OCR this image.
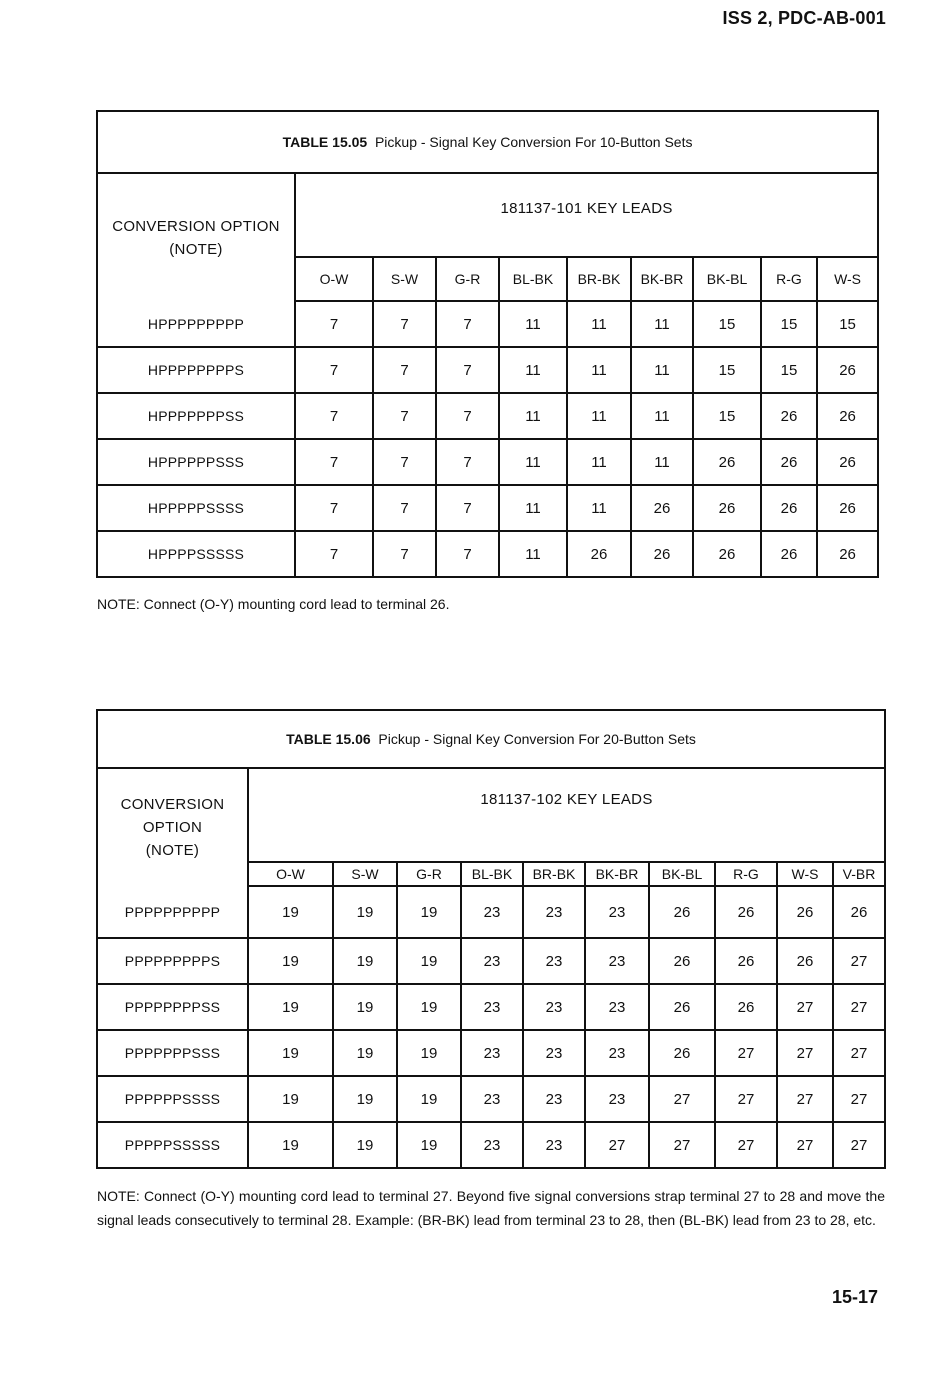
ISS 2, PDC-AB-001
TABLE 15.05 Pickup - Signal Key Conversion For 10-Button Sets									

CONVERSION OPTION
(NOTE)	181137-101 KEY LEADS								
	O-W	S-W	G-R	BL-BK	BR-BK	BK-BR	BK-BL	R-G	W-S
HPPPPPPPPP	7	7	7	11	11	11	15	15	15
HPPPPPPPPS	7	7	7	11	11	11	15	15	26
HPPPPPPPSS	7	7	7	11	11	11	15	26	26
HPPPPPPSSS	7	7	7	11	11	11	26	26	26
HPPPPPSSSS	7	7	7	11	11	26	26	26	26
HPPPPSSSSS	7	7	7	11	26	26	26	26	26
NOTE: Connect (O-Y) mounting cord lead to terminal 26.
TABLE 15.06 Pickup - Signal Key Conversion For 20-Button Sets										

CONVERSION
OPTION
(NOTE)	181137-102 KEY LEADS									
	O-W	S-W	G-R	BL-BK	BR-BK	BK-BR	BK-BL	R-G	W-S	V-BR
PPPPPPPPPP	19	19	19	23	23	23	26	26	26	26
PPPPPPPPPS	19	19	19	23	23	23	26	26	26	27
PPPPPPPPSS	19	19	19	23	23	23	26	26	27	27
PPPPPPPSSS	19	19	19	23	23	23	26	27	27	27
PPPPPPSSSS	19	19	19	23	23	23	27	27	27	27
PPPPPSSSSS	19	19	19	23	23	27	27	27	27	27
NOTE: Connect (O-Y) mounting cord lead to terminal 27. Beyond five signal conversions strap terminal 27 to 28 and move the signal leads consecutively to terminal 28. Example: (BR-BK) lead from terminal 23 to 28, then (BL-BK) lead from 23 to 28, etc.
15-17
